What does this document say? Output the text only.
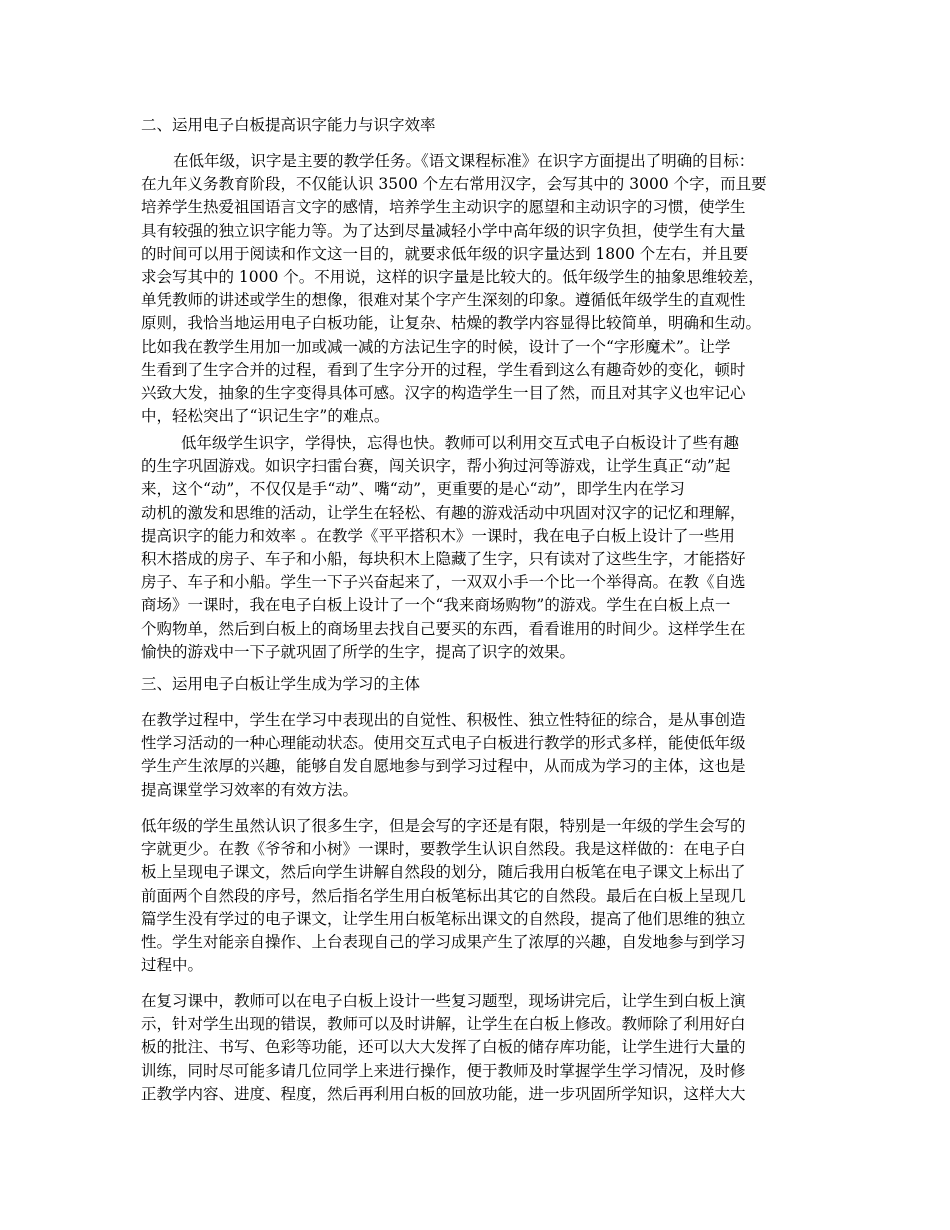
二、运用电子白板提高识字能力与识字效率
在低年级，识字是主要的教学任务。《语文课程标准》在识字方面提出了明确的目标：
在九年义务教育阶段，不仅能认识 3500 个左右常用汉字，会写其中的 3000 个字，而且要
培养学生热爱祖国语言文字的感情，培养学生主动识字的愿望和主动识字的习惯，使学生
具有较强的独立识字能力等。为了达到尽量减轻小学中高年级的识字负担，使学生有大量
的时间可以用于阅读和作文这一目的，就要求低年级的识字量达到 1800 个左右，并且要
求会写其中的 1000 个。不用说，这样的识字量是比较大的。低年级学生的抽象思维较差，
单凭教师的讲述或学生的想像，很难对某个字产生深刻的印象。遵循低年级学生的直观性
原则，我恰当地运用电子白板功能，让复杂、枯燥的教学内容显得比较简单，明确和生动。
比如我在教学生用加一加或减一减的方法记生字的时候，设计了一个“字形魔术”。让学
生看到了生字合并的过程，看到了生字分开的过程，学生看到这么有趣奇妙的变化，顿时
兴致大发，抽象的生字变得具体可感。汉字的构造学生一目了然，而且对其字义也牢记心
中，轻松突出了“识记生字”的难点。
低年级学生识字，学得快，忘得也快。教师可以利用交互式电子白板设计了些有趣
的生字巩固游戏。如识字扫雷台赛，闯关识字，帮小狗过河等游戏，让学生真正“动”起
来，这个“动”，不仅仅是手“动”、嘴“动”，更重要的是心“动”，即学生内在学习
动机的激发和思维的活动，让学生在轻松、有趣的游戏活动中巩固对汉字的记忆和理解，
提高识字的能力和效率 。在教学《平平搭积木》一课时，我在电子白板上设计了一些用
积木搭成的房子、车子和小船，每块积木上隐藏了生字，只有读对了这些生字，才能搭好
房子、车子和小船。学生一下子兴奋起来了，一双双小手一个比一个举得高。在教《自选
商场》一课时，我在电子白板上设计了一个“我来商场购物”的游戏。学生在白板上点一
个购物单，然后到白板上的商场里去找自己要买的东西，看看谁用的时间少。这样学生在
愉快的游戏中一下子就巩固了所学的生字，提高了识字的效果。
三、运用电子白板让学生成为学习的主体
在教学过程中，学生在学习中表现出的自觉性、积极性、独立性特征的综合，是从事创造
性学习活动的一种心理能动状态。使用交互式电子白板进行教学的形式多样，能使低年级
学生产生浓厚的兴趣，能够自发自愿地参与到学习过程中，从而成为学习的主体，这也是
提高课堂学习效率的有效方法。
低年级的学生虽然认识了很多生字，但是会写的字还是有限，特别是一年级的学生会写的
字就更少。在教《爷爷和小树》一课时，要教学生认识自然段。我是这样做的：在电子白
板上呈现电子课文，然后向学生讲解自然段的划分，随后我用白板笔在电子课文上标出了
前面两个自然段的序号，然后指名学生用白板笔标出其它的自然段。最后在白板上呈现几
篇学生没有学过的电子课文，让学生用白板笔标出课文的自然段，提高了他们思维的独立
性。学生对能亲自操作、上台表现自己的学习成果产生了浓厚的兴趣，自发地参与到学习
过程中。
在复习课中，教师可以在电子白板上设计一些复习题型，现场讲完后，让学生到白板上演
示，针对学生出现的错误，教师可以及时讲解，让学生在白板上修改。教师除了利用好白
板的批注、书写、色彩等功能，还可以大大发挥了白板的储存库功能，让学生进行大量的
训练，同时尽可能多请几位同学上来进行操作，便于教师及时掌握学生学习情况，及时修
正教学内容、进度、程度，然后再利用白板的回放功能，进一步巩固所学知识，这样大大
